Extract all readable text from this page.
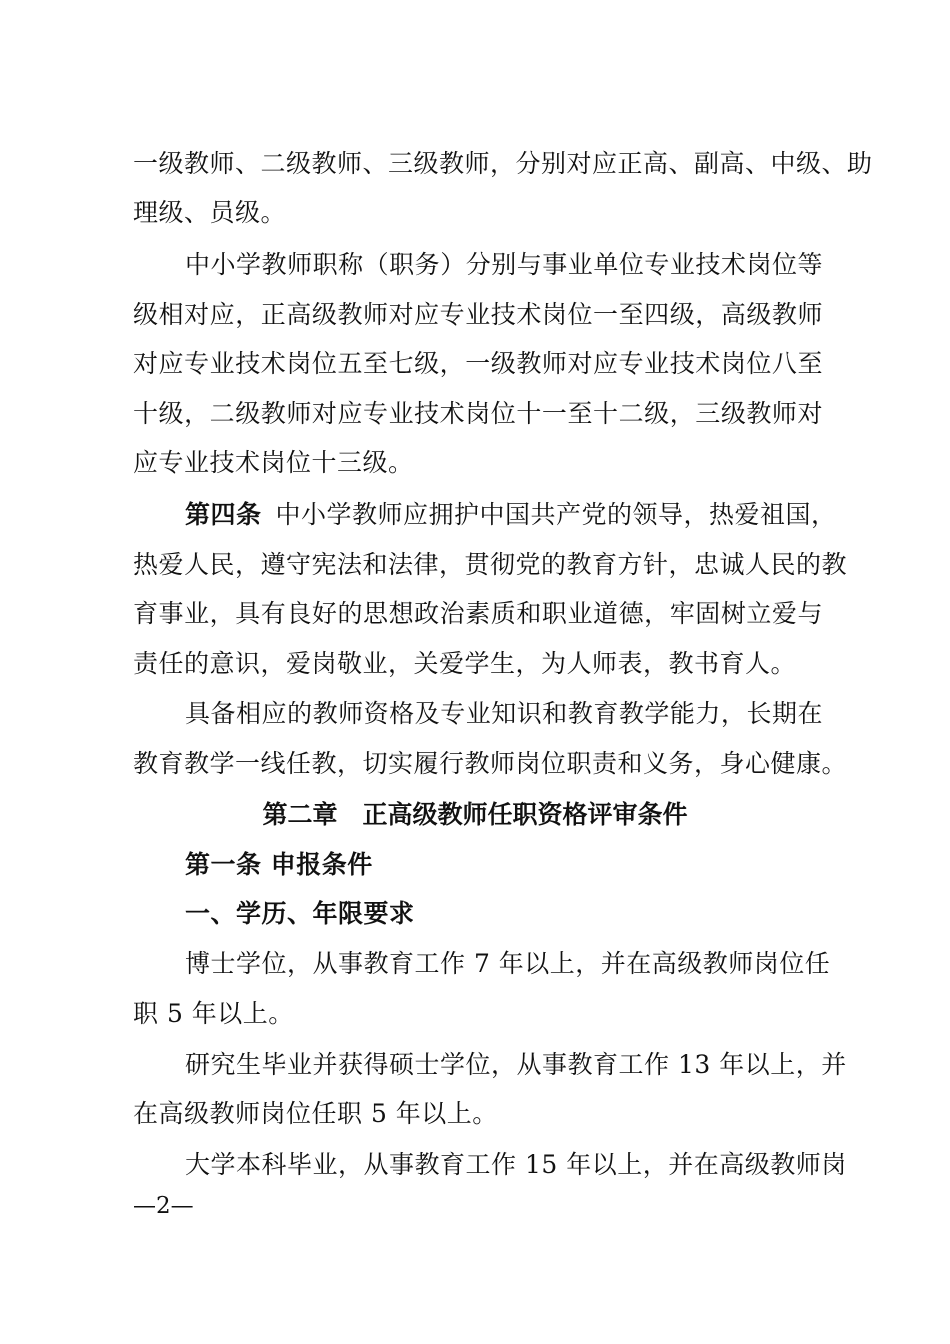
一级教师、二级教师、三级教师，分别对应正高、副高、中级、助
理级、员级。
中小学教师职称（职务）分别与事业单位专业技术岗位等
级相对应，正高级教师对应专业技术岗位一至四级，高级教师
对应专业技术岗位五至七级，一级教师对应专业技术岗位八至
十级，二级教师对应专业技术岗位十一至十二级，三级教师对
应专业技术岗位十三级。
第四条 中小学教师应拥护中国共产党的领导，热爱祖国，
热爱人民，遵守宪法和法律，贯彻党的教育方针，忠诚人民的教
育事业，具有良好的思想政治素质和职业道德，牢固树立爱与
责任的意识，爱岗敬业，关爱学生，为人师表，教书育人。
具备相应的教师资格及专业知识和教育教学能力，长期在
教育教学一线任教，切实履行教师岗位职责和义务，身心健康。
第二章　正高级教师任职资格评审条件
第一条 申报条件
一、学历、年限要求
博士学位，从事教育工作 7 年以上，并在高级教师岗位任
职 5 年以上。
研究生毕业并获得硕士学位，从事教育工作 13 年以上，并
在高级教师岗位任职 5 年以上。
大学本科毕业，从事教育工作 15 年以上，并在高级教师岗
—2—
